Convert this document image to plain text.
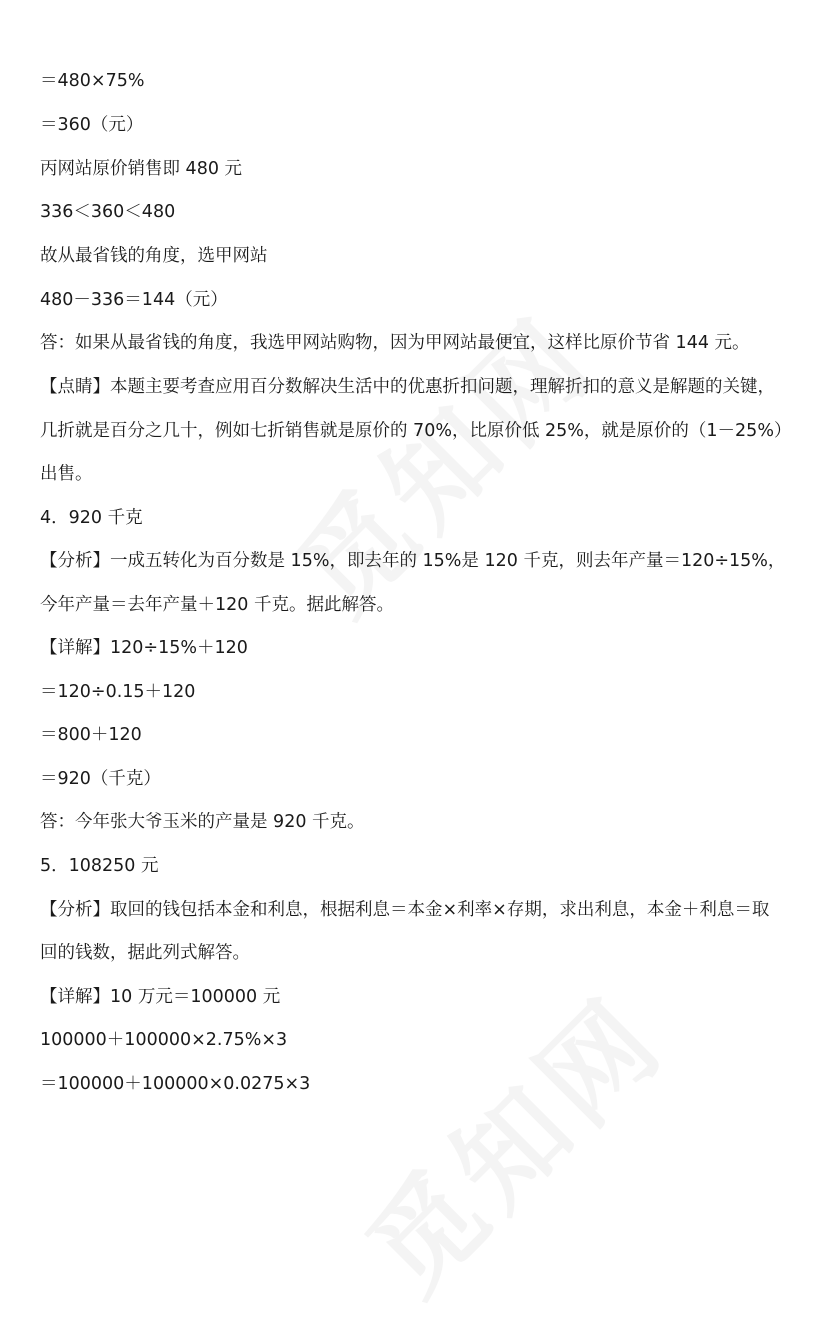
＝480×75%
＝360（元）
丙网站原价销售即 480 元
336＜360＜480
故从最省钱的角度，选甲网站
480－336＝144（元）
答：如果从最省钱的角度，我选甲网站购物，因为甲网站最便宜，这样比原价节省 144 元。
【点睛】本题主要考查应用百分数解决生活中的优惠折扣问题，理解折扣的意义是解题的关键，
几折就是百分之几十，例如七折销售就是原价的 70%，比原价低 25%，就是原价的（1－25%）
出售。
4．920 千克
【分析】一成五转化为百分数是 15%，即去年的 15%是 120 千克，则去年产量＝120÷15%，
今年产量＝去年产量＋120 千克。据此解答。
【详解】120÷15%＋120
＝120÷0.15＋120
＝800＋120
＝920（千克）
答：今年张大爷玉米的产量是 920 千克。
5．108250 元
【分析】取回的钱包括本金和利息，根据利息＝本金×利率×存期，求出利息，本金＋利息＝取
回的钱数，据此列式解答。
【详解】10 万元＝100000 元
100000＋100000×2.75%×3
＝100000＋100000×0.0275×3
